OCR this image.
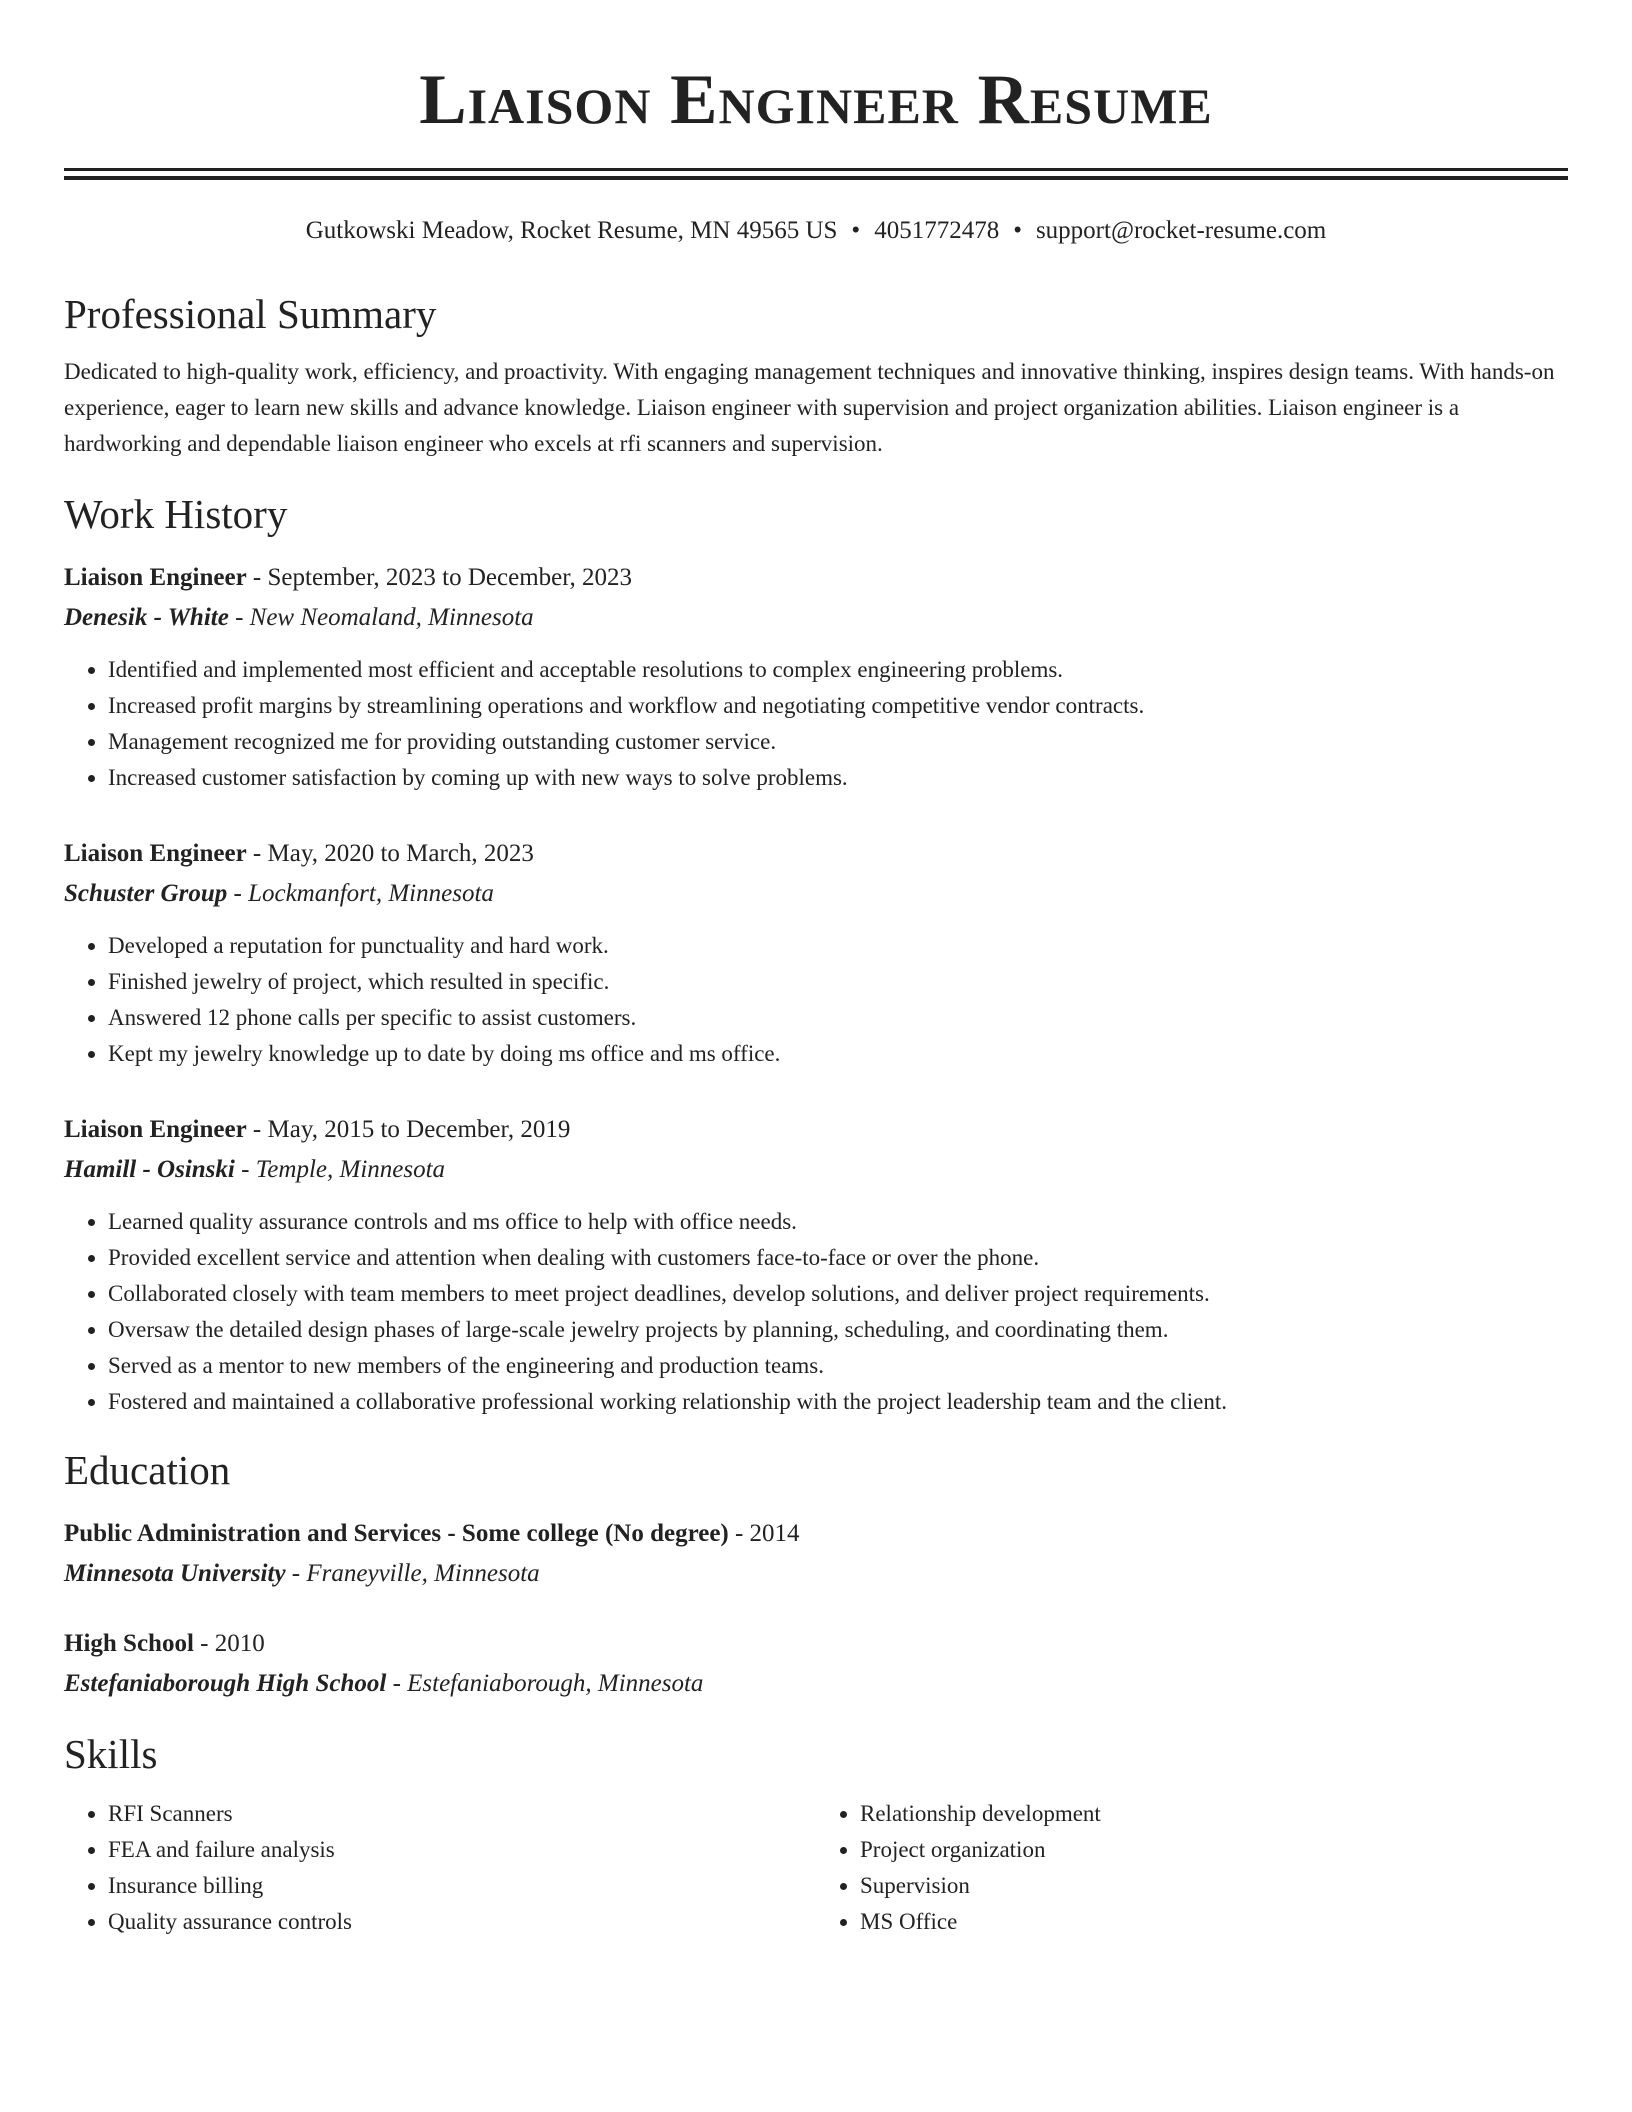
Liaison Engineer Resume
Gutkowski Meadow, Rocket Resume, MN 49565 US • 4051772478 • support@rocket-resume.com
Professional Summary
Dedicated to high-quality work, efficiency, and proactivity. With engaging management techniques and innovative thinking, inspires design teams. With hands-on experience, eager to learn new skills and advance knowledge. Liaison engineer with supervision and project organization abilities. Liaison engineer is a hardworking and dependable liaison engineer who excels at rfi scanners and supervision.
Work History
Liaison Engineer - September, 2023 to December, 2023
Denesik - White - New Neomaland, Minnesota
• Identified and implemented most efficient and acceptable resolutions to complex engineering problems.
• Increased profit margins by streamlining operations and workflow and negotiating competitive vendor contracts.
• Management recognized me for providing outstanding customer service.
• Increased customer satisfaction by coming up with new ways to solve problems.
Liaison Engineer - May, 2020 to March, 2023
Schuster Group - Lockmanfort, Minnesota
• Developed a reputation for punctuality and hard work.
• Finished jewelry of project, which resulted in specific.
• Answered 12 phone calls per specific to assist customers.
• Kept my jewelry knowledge up to date by doing ms office and ms office.
Liaison Engineer - May, 2015 to December, 2019
Hamill - Osinski - Temple, Minnesota
• Learned quality assurance controls and ms office to help with office needs.
• Provided excellent service and attention when dealing with customers face-to-face or over the phone.
• Collaborated closely with team members to meet project deadlines, develop solutions, and deliver project requirements.
• Oversaw the detailed design phases of large-scale jewelry projects by planning, scheduling, and coordinating them.
• Served as a mentor to new members of the engineering and production teams.
• Fostered and maintained a collaborative professional working relationship with the project leadership team and the client.
Education
Public Administration and Services - Some college (No degree) - 2014
Minnesota University - Franeyville, Minnesota
High School - 2010
Estefaniaborough High School - Estefaniaborough, Minnesota
Skills
• RFI Scanners
• FEA and failure analysis
• Insurance billing
• Quality assurance controls
• Relationship development
• Project organization
• Supervision
• MS Office
